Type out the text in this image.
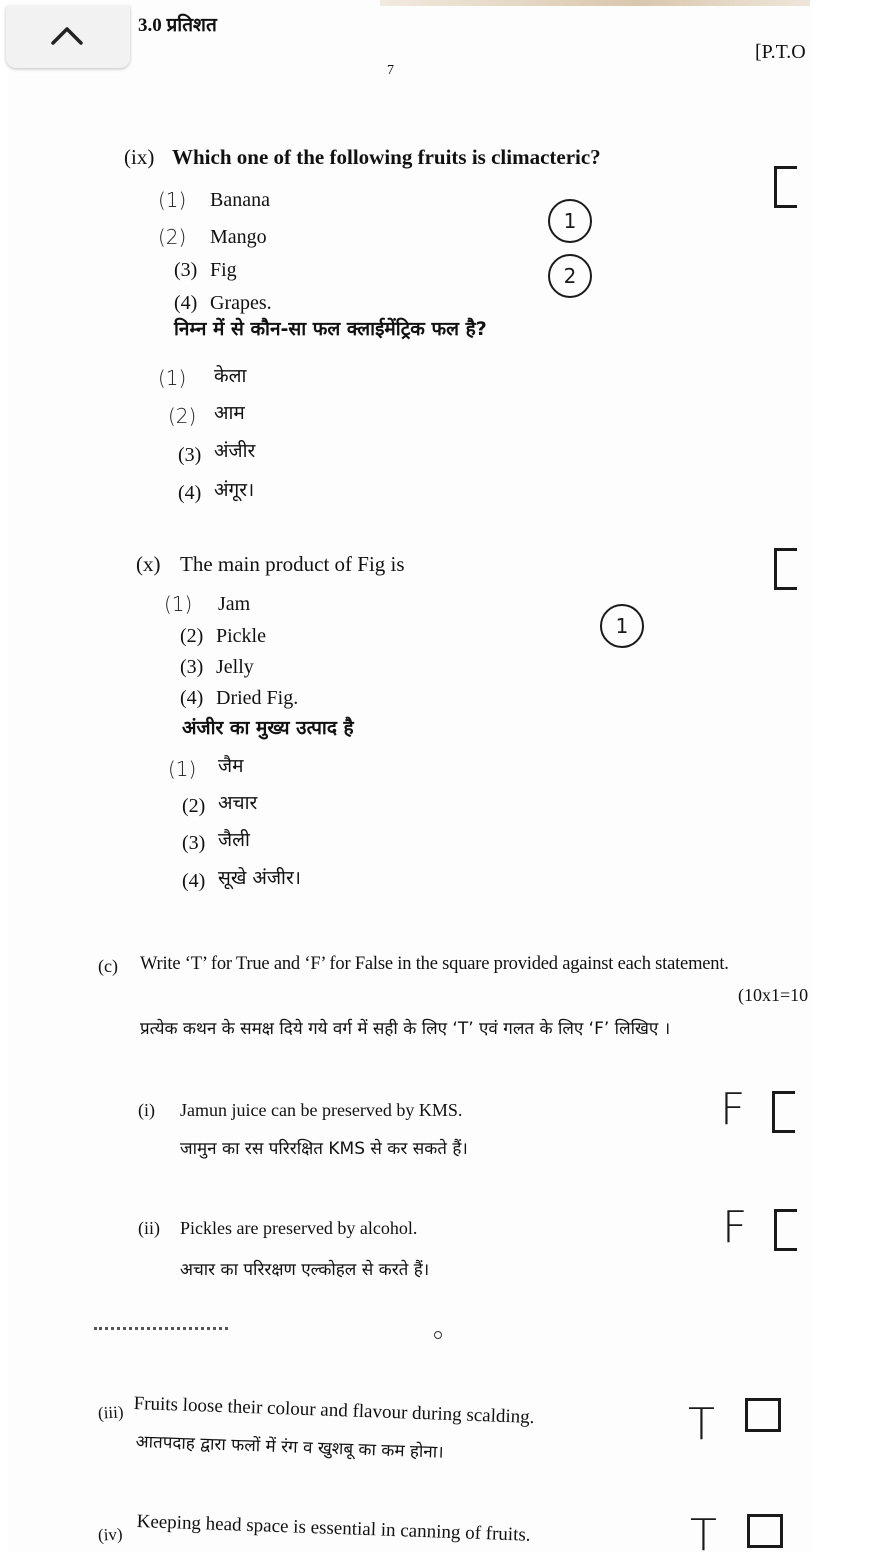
3.0 प्रतिशत
7
[P.T.O
(ix) Which one of the following fruits is climacteric?
(1) Banana
(2) Mango
(3) Fig
(4) Grapes.
निम्न में से कौन-सा फल क्लाईमेंट्रिक फल है?
(1) केला
(2) आम
(3) अंजीर
(4) अंगूर।
1
2
(x) The main product of Fig is
(1) Jam
(2) Pickle
(3) Jelly
(4) Dried Fig.
अंजीर का मुख्य उत्पाद है
(1) जैम
(2) अचार
(3) जैली
(4) सूखे अंजीर।
1
(c) Write ‘T’ for True and ‘F’ for False in the square provided against each statement.
(10x1=10
प्रत्येक कथन के समक्ष दिये गये वर्ग में सही के लिए ‘T’ एवं गलत के लिए ‘F’ लिखिए ।
(i) Jamun juice can be preserved by KMS.
जामुन का रस परिरक्षित KMS से कर सकते हैं।
F
(ii) Pickles are preserved by alcohol.
अचार का परिरक्षण एल्कोहल से करते हैं।
F
(iii) Fruits loose their colour and flavour during scalding.
आतपदाह द्वारा फलों में रंग व खुशबू का कम होना।	T
(iv) Keeping head space is essential in canning of fruits.	T
